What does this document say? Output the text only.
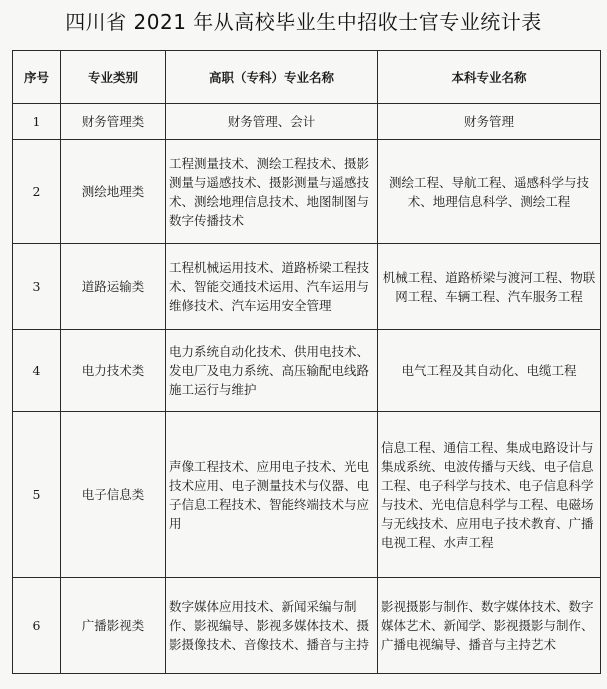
四川省 2021 年从高校毕业生中招收士官专业统计表
序号	专业类别	高职（专科）专业名称	本科专业名称
1	财务管理类	财务管理、会计	财务管理
2	测绘地理类	工程测量技术、测绘工程技术、摄影测量与遥感技术、摄影测量与遥感技术、测绘地理信息技术、地图制图与数字传播技术	测绘工程、导航工程、遥感科学与技术、地理信息科学、测绘工程
3	道路运输类	工程机械运用技术、道路桥梁工程技术、智能交通技术运用、汽车运用与维修技术、汽车运用安全管理	机械工程、道路桥梁与渡河工程、物联网工程、车辆工程、汽车服务工程
4	电力技术类	电力系统自动化技术、供用电技术、发电厂及电力系统、高压输配电线路施工运行与维护	电气工程及其自动化、电缆工程
5	电子信息类	声像工程技术、应用电子技术、光电技术应用、电子测量技术与仪器、电子信息工程技术、智能终端技术与应用	信息工程、通信工程、集成电路设计与集成系统、电波传播与天线、电子信息工程、电子科学与技术、电子信息科学与技术、光电信息科学与工程、电磁场与无线技术、应用电子技术教育、广播电视工程、水声工程
6	广播影视类	数字媒体应用技术、新闻采编与制作、影视编导、影视多媒体技术、摄影摄像技术、音像技术、播音与主持	影视摄影与制作、数字媒体技术、数字媒体艺术、新闻学、影视摄影与制作、广播电视编导、播音与主持艺术
